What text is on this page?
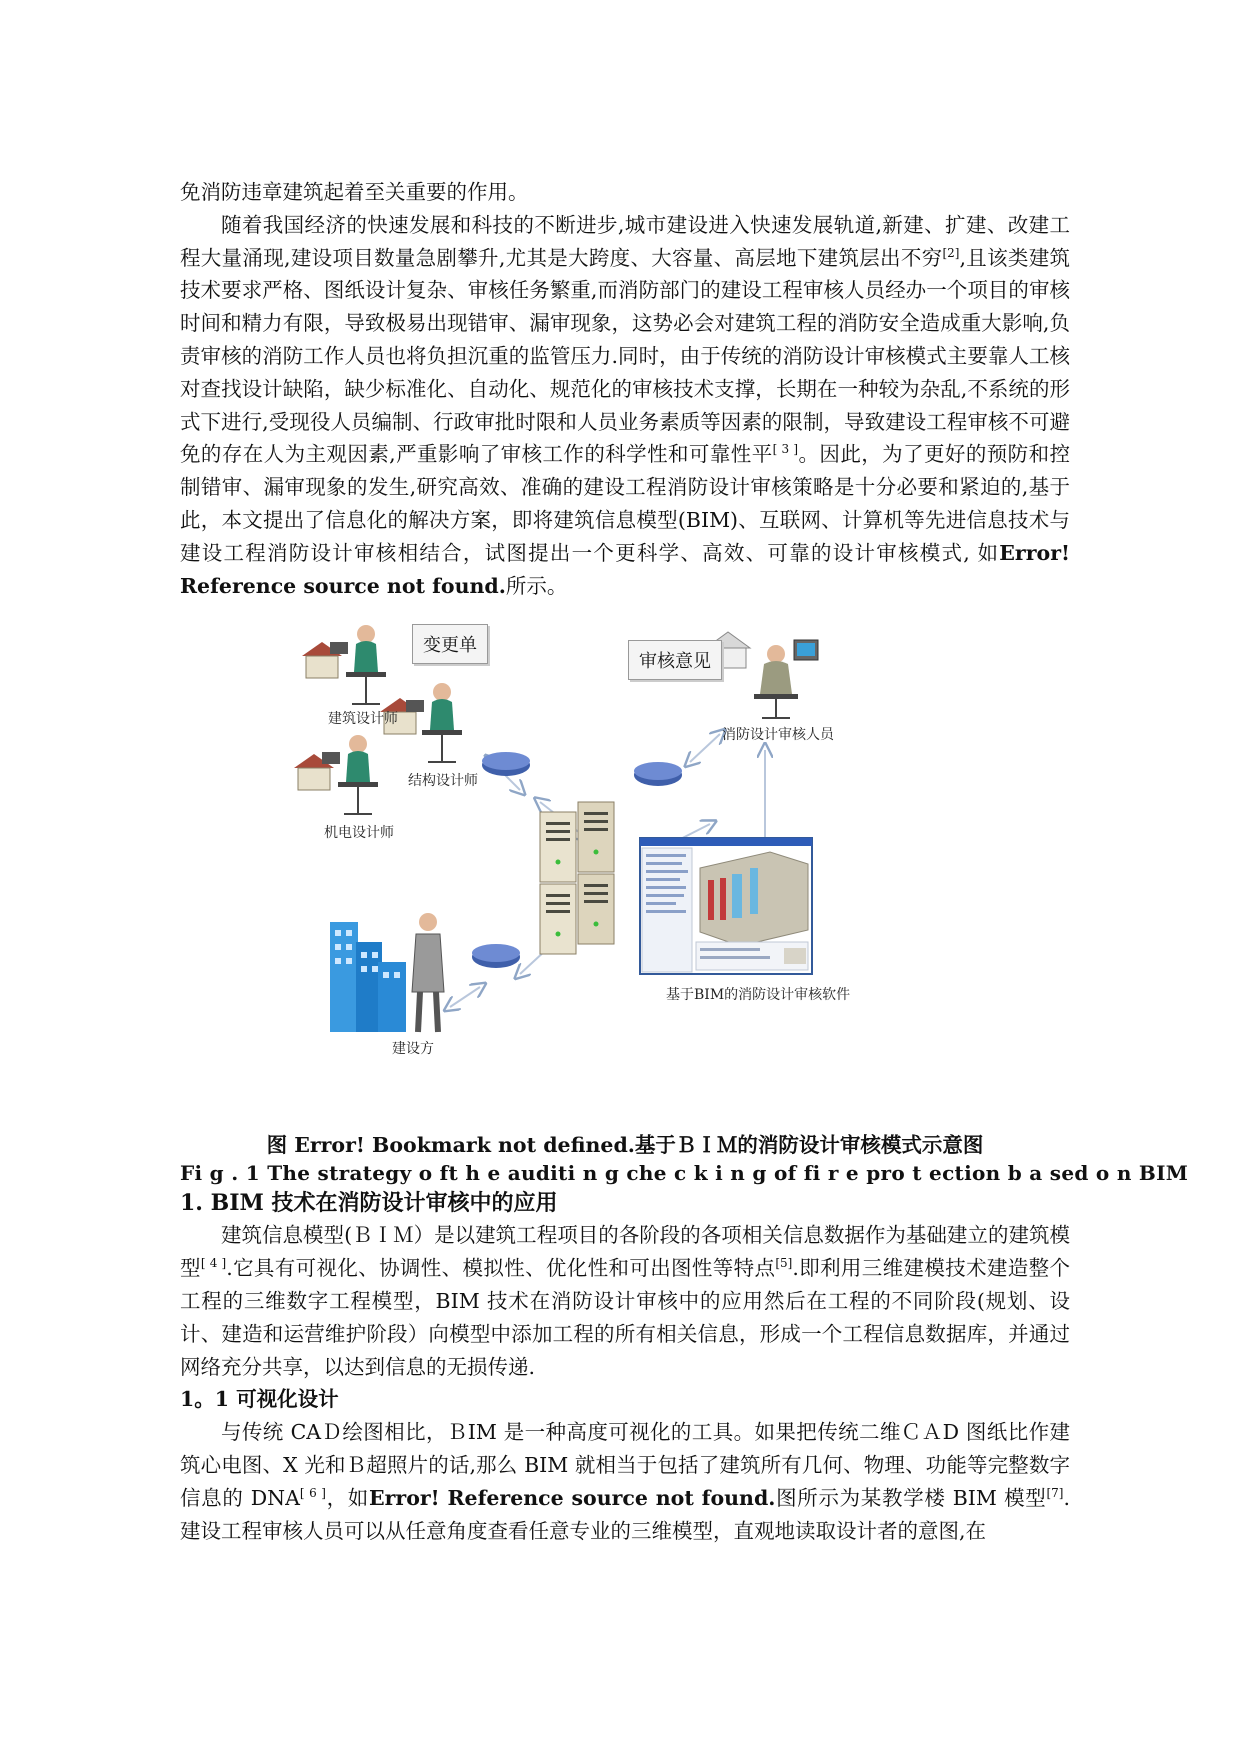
免消防违章建筑起着至关重要的作用。

随着我国经济的快速发展和科技的不断进步,城市建设进入快速发展轨道,新建、扩建、改建工程大量涌现,建设项目数量急剧攀升,尤其是大跨度、大容量、高层地下建筑层出不穷[2],且该类建筑技术要求严格、图纸设计复杂、审核任务繁重,而消防部门的建设工程审核人员经办一个项目的审核时间和精力有限，导致极易出现错审、漏审现象，这势必会对建筑工程的消防安全造成重大影响,负责审核的消防工作人员也将负担沉重的监管压力.同时，由于传统的消防设计审核模式主要靠人工核对查找设计缺陷，缺少标准化、自动化、规范化的审核技术支撑，长期在一种较为杂乱,不系统的形式下进行,受现役人员编制、行政审批时限和人员业务素质等因素的限制，导致建设工程审核不可避免的存在人为主观因素,严重影响了审核工作的科学性和可靠性平[ 3 ]。因此，为了更好的预防和控制错审、漏审现象的发生,研究高效、准确的建设工程消防设计审核策略是十分必要和紧迫的,基于此，本文提出了信息化的解决方案，即将建筑信息模型(BIM)、互联网、计算机等先进信息技术与建设工程消防设计审核相结合，试图提出一个更科学、高效、可靠的设计审核模式, 如Error! Reference source not found.所示。

变更单
审核意见
建筑设计师
结构设计师
机电设计师
消防设计审核人员
基于BIM的消防设计审核软件
建设方

图 Error! Bookmark not defined.基于ＢＩＭ的消防设计审核模式示意图

Fi g . 1 The strategy o ft h e auditi n g che c k i n g of fi r e pro t ection b a sed o n BIM

1. BIM 技术在消防设计审核中的应用

建筑信息模型(ＢＩＭ）是以建筑工程项目的各阶段的各项相关信息数据作为基础建立的建筑模型[ 4 ].它具有可视化、协调性、模拟性、优化性和可出图性等特点[5].即利用三维建模技术建造整个工程的三维数字工程模型，BIM 技术在消防设计审核中的应用然后在工程的不同阶段(规划、设计、建造和运营维护阶段）向模型中添加工程的所有相关信息，形成一个工程信息数据库，并通过网络充分共享，以达到信息的无损传递.

1。1 可视化设计

与传统 CAＤ绘图相比，ＢIM 是一种高度可视化的工具。如果把传统二维ＣＡD 图纸比作建筑心电图、X 光和Ｂ超照片的话,那么 BIM 就相当于包括了建筑所有几何、物理、功能等完整数字信息的 DNA[ 6 ]，如Error! Reference source not found.图所示为某教学楼 BIM 模型[7].建设工程审核人员可以从任意角度查看任意专业的三维模型，直观地读取设计者的意图,在
